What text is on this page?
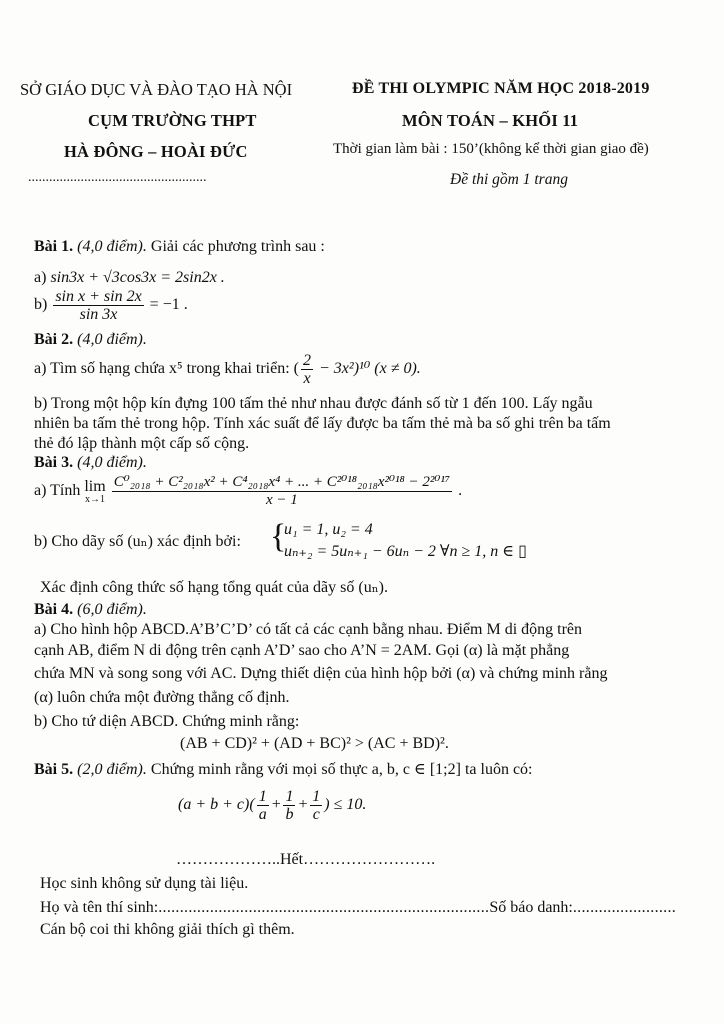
SỞ GIÁO DỤC VÀ ĐÀO TẠO HÀ NỘI
CỤM TRƯỜNG THPT
HÀ ĐÔNG – HOÀI ĐỨC
...................................................
ĐỀ THI OLYMPIC NĂM HỌC 2018-2019
MÔN TOÁN – KHỐI 11
Thời gian làm bài : 150’(không kể thời gian giao đề)
Đề thi gồm 1 trang
Bài 1. (4,0 điểm). Giải các phương trình sau :
a) sin3x + √3cos3x = 2sin2x .
$b) \frac{\text{sin x + sin 2x}}{\sin 3x} = -1$ .
Bài 2. (4,0 điểm).
a) Tìm số hạng chứa x⁵ trong khai triển: ( $\frac{2}{x} - 3x^2)^{10}$ (x ≠ 0).
b) Trong một hộp kín đựng 100 tấm thẻ như nhau được đánh số từ 1 đến 100. Lấy ngẫu
nhiên ba tấm thẻ trong hộp. Tính xác suất để lấy được ba tấm thẻ mà ba số ghi trên ba tấm
thẻ đó lập thành một cấp số cộng.
Bài 3. (4,0 điểm).
a) Tính lim
x→1
$\frac{\text{C⁰₂₀₁₈ + C²₂₀₁₈x² + C⁴₂₀₁₈x⁴ + ... + C²⁰¹⁸₂₀₁₈x²⁰¹⁸ − 2²⁰¹⁷}}{x - 1}$ .
b) Cho dãy số (uₙ) xác định bởi: {
u₁ = 1, u₂ = 4
uₙ₊₂ = 5uₙ₊₁ − 6uₙ − 2 ∀n ≥ 1, n ∈ ▯
Xác định công thức số hạng tổng quát của dãy số (uₙ).
Bài 4. (6,0 điểm).
a) Cho hình hộp ABCD.A’B’C’D’ có tất cả các cạnh bằng nhau. Điểm M di động trên
cạnh AB, điểm N di động trên cạnh A’D’ sao cho A’N = 2AM. Gọi (α) là mặt phẳng
chứa MN và song song với AC. Dựng thiết diện của hình hộp bởi (α) và chứng minh rằng
(α) luôn chứa một đường thẳng cố định.
b) Cho tứ diện ABCD. Chứng minh rằng:
(AB + CD)² + (AD + BC)² > (AC + BD)².
Bài 5. (2,0 điểm). Chứng minh rằng với mọi số thực a, b, c ∈ [1;2] ta luôn có:
$(a + b + c)( \frac{1}{a} + \frac{1}{b} + \frac{1}{c}$ ) ≤ 10.
………………..Hết…………………….
Học sinh không sử dụng tài liệu.
Họ và tên thí sinh:.............................................................................Số báo danh:........................
Cán bộ coi thi không giải thích gì thêm.
